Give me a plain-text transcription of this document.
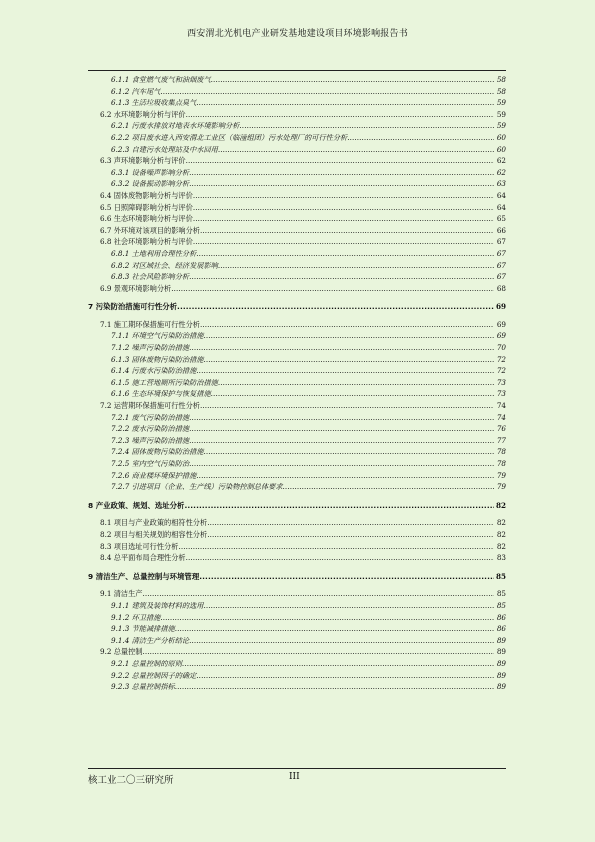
西安渭北光机电产业研发基地建设项目环境影响报告书
6.1.1 食堂燃气废气和油烟废气 .....	58
6.1.2 汽车尾气 .....	58
6.1.3 生活垃圾收集点臭气 .....	59
6.2 水环境影响分析与评价 .....	59
6.2.1 污废水排放对地表水环境影响分析 .....	59
6.2.2 项目废水进入西安渭北工业区（临潼组团）污水处理厂的可行性分析 .....	60
6.2.3 自建污水处理站及中水回用 .....	60
6.3 声环境影响分析与评价 .....	62
6.3.1 设备噪声影响分析 .....	62
6.3.2 设备振动影响分析 .....	63
6.4 固体废物影响分析与评价 .....	64
6.5 日照障碍影响分析与评价 .....	64
6.6 生态环境影响分析与评价 .....	65
6.7 外环境对该项目的影响分析 .....	66
6.8 社会环境影响分析与评价 .....	67
6.8.1 土地利用合理性分析 .....	67
6.8.2 对区域社会、经济发展影响 .....	67
6.8.3 社会风险影响分析 .....	67
6.9 景观环境影响分析 .....	68
7 污染防治措施可行性分析 .....	69
7.1 施工期环保措施可行性分析 .....	69
7.1.1 环境空气污染防治措施 .....	69
7.1.2 噪声污染防治措施 .....	70
6.1.3 固体废物污染防治措施 .....	72
6.1.4 污废水污染防治措施 .....	72
6.1.5 施工营地厕所污染防治措施 .....	73
6.1.6 生态环境保护与恢复措施 .....	73
7.2 运营期环保措施可行性分析 .....	74
7.2.1 废气污染防治措施 .....	74
7.2.2 废水污染防治措施 .....	76
7.2.3 噪声污染防治措施 .....	77
7.2.4 固体废物污染防治措施 .....	78
7.2.5 室内空气污染防治 .....	78
7.2.6 商业楼环境保护措施 .....	79
7.2.7 引进项目（企业、生产线）污染物控制总体要求 .....	79
8 产业政策、规划、选址分析 .....	82
8.1 项目与产业政策的相符性分析 .....	82
8.2 项目与相关规划的相容性分析 .....	82
8.3 项目选址可行性分析 .....	82
8.4 总平面布局合理性分析 .....	83
9 清洁生产、总量控制与环境管理 .....	85
9.1 清洁生产 .....	85
9.1.1 建筑及装饰材料的选用 .....	85
9.1.2 环卫措施 .....	86
9.1.3 节能减排措施 .....	86
9.1.4 清洁生产分析结论 .....	89
9.2 总量控制 .....	89
9.2.1 总量控制的原则 .....	89
9.2.2 总量控制因子的确定 .....	89
9.2.3 总量控制指标 .....	89
核工业二〇三研究所	III
